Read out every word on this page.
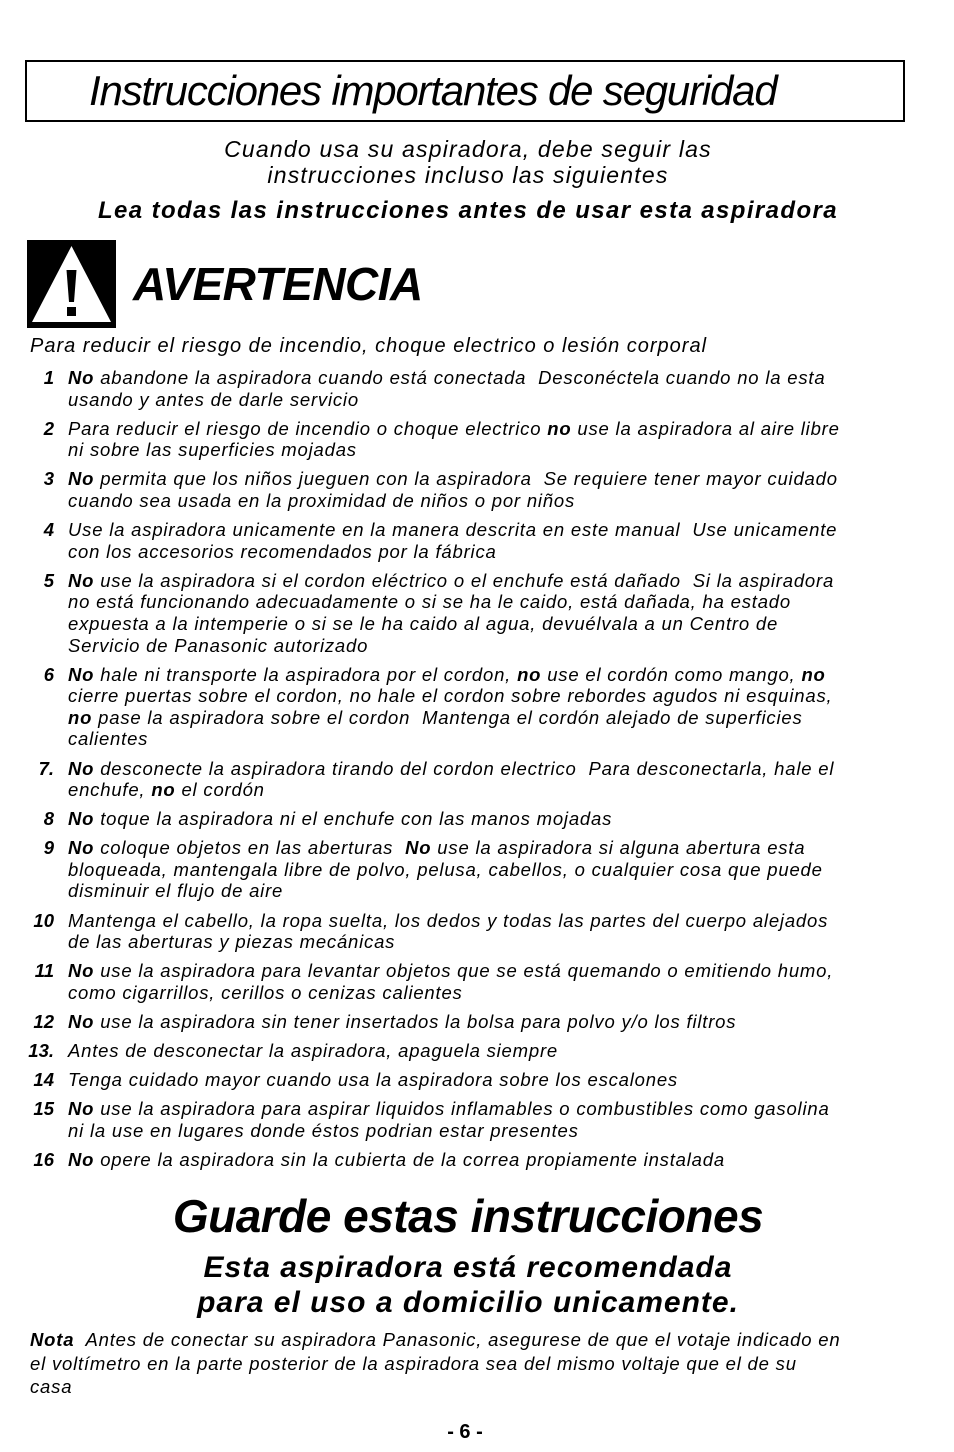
Instrucciones importantes de seguridad
Cuando usa su aspiradora, debe seguir las
instrucciones incluso las siguientes
Lea todas las instrucciones antes de usar esta aspiradora
AVERTENCIA
Para reducir el riesgo de incendio, choque electrico o lesión corporal
1 No abandone la aspiradora cuando está conectada  Desconéctela cuando no la esta
usando y antes de darle servicio
2 Para reducir el riesgo de incendio o choque electrico no use la aspiradora al aire libre
ni sobre las superficies mojadas
3 No permita que los niños jueguen con la aspiradora  Se requiere tener mayor cuidado
cuando sea usada en la proximidad de niños o por niños
4 Use la aspiradora unicamente en la manera descrita en este manual  Use unicamente
con los accesorios recomendados por la fábrica
5 No use la aspiradora si el cordon eléctrico o el enchufe está dañado  Si la aspiradora
no está funcionando adecuadamente o si se ha le caido, está dañada, ha estado
expuesta a la intemperie o si se le ha caido al agua, devuélvala a un Centro de
Servicio de Panasonic autorizado
6 No hale ni transporte la aspiradora por el cordon, no use el cordón como mango, no
cierre puertas sobre el cordon, no hale el cordon sobre rebordes agudos ni esquinas,
no pase la aspiradora sobre el cordon  Mantenga el cordón alejado de superficies
calientes
7. No desconecte la aspiradora tirando del cordon electrico  Para desconectarla, hale el
enchufe, no el cordón
8 No toque la aspiradora ni el enchufe con las manos mojadas
9 No coloque objetos en las aberturas  No use la aspiradora si alguna abertura esta
bloqueada, mantengala libre de polvo, pelusa, cabellos, o cualquier cosa que puede
disminuir el flujo de aire
10 Mantenga el cabello, la ropa suelta, los dedos y todas las partes del cuerpo alejados
de las aberturas y piezas mecánicas
11 No use la aspiradora para levantar objetos que se está quemando o emitiendo humo,
como cigarrillos, cerillos o cenizas calientes
12 No use la aspiradora sin tener insertados la bolsa para polvo y/o los filtros
13. Antes de desconectar la aspiradora, apaguela siempre
14 Tenga cuidado mayor cuando usa la aspiradora sobre los escalones
15 No use la aspiradora para aspirar liquidos inflamables o combustibles como gasolina
ni la use en lugares donde éstos podrian estar presentes
16 No opere la aspiradora sin la cubierta de la correa propiamente instalada
Guarde estas instrucciones
Esta aspiradora está recomendada
para el uso a domicilio unicamente.
Nota  Antes de conectar su aspiradora Panasonic, asegurese de que el votaje indicado en
el voltímetro en la parte posterior de la aspiradora sea del mismo voltaje que el de su
casa
- 6 -
